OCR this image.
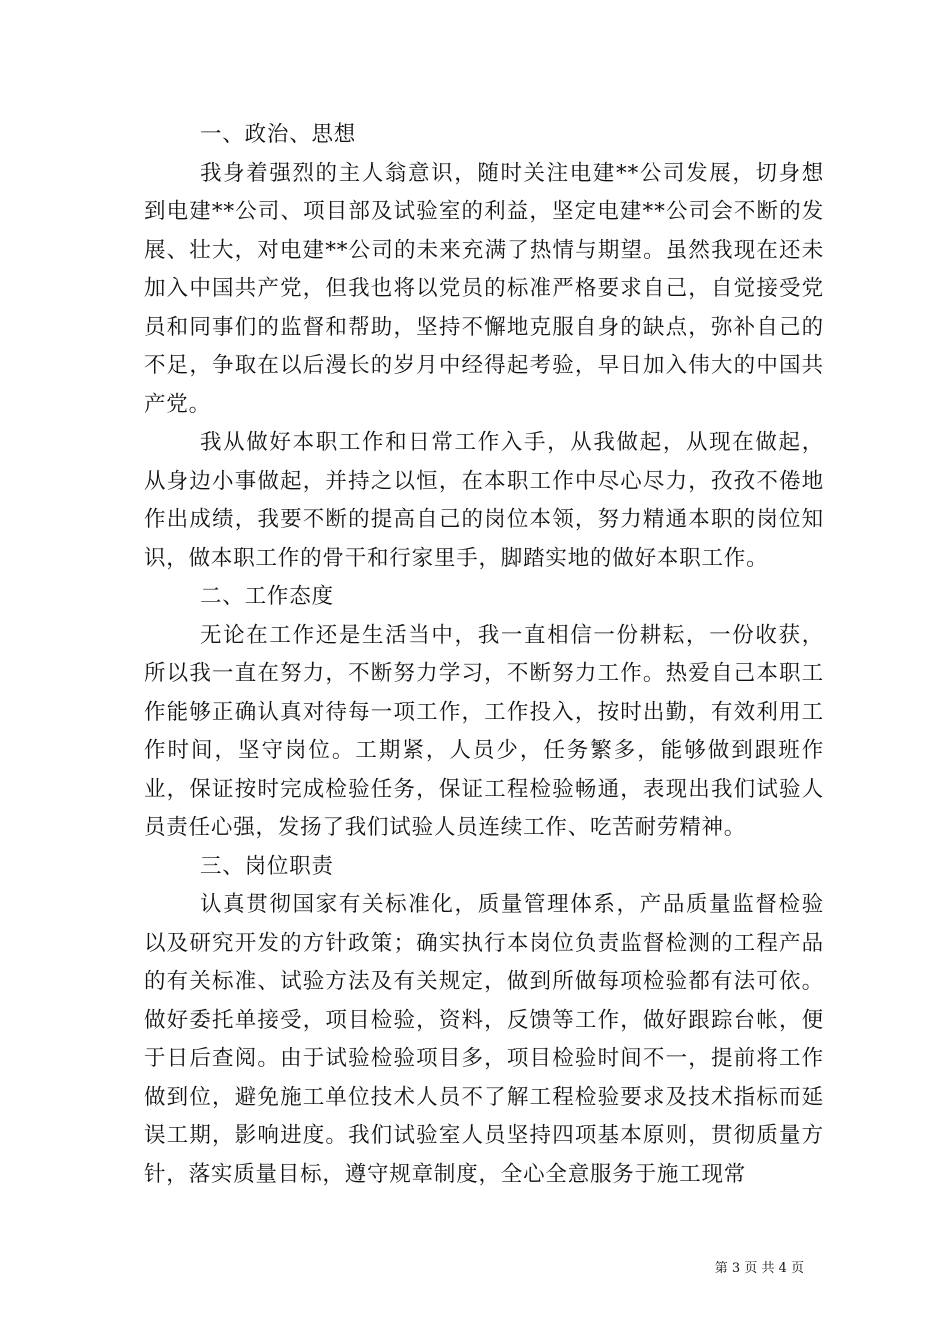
一、政治、思想

我身着强烈的主人翁意识，随时关注电建**公司发展，切身想到电建**公司、项目部及试验室的利益，坚定电建**公司会不断的发展、壮大，对电建**公司的未来充满了热情与期望。虽然我现在还未加入中国共产党，但我也将以党员的标准严格要求自己，自觉接受党员和同事们的监督和帮助，坚持不懈地克服自身的缺点，弥补自己的不足，争取在以后漫长的岁月中经得起考验，早日加入伟大的中国共产党。

我从做好本职工作和日常工作入手，从我做起，从现在做起，从身边小事做起，并持之以恒，在本职工作中尽心尽力，孜孜不倦地作出成绩，我要不断的提高自己的岗位本领，努力精通本职的岗位知识，做本职工作的骨干和行家里手，脚踏实地的做好本职工作。

二、工作态度

无论在工作还是生活当中，我一直相信一份耕耘，一份收获，所以我一直在努力，不断努力学习，不断努力工作。热爱自己本职工作能够正确认真对待每一项工作，工作投入，按时出勤，有效利用工作时间，坚守岗位。工期紧，人员少，任务繁多，能够做到跟班作业，保证按时完成检验任务，保证工程检验畅通，表现出我们试验人员责任心强，发扬了我们试验人员连续工作、吃苦耐劳精神。

三、岗位职责

认真贯彻国家有关标准化，质量管理体系，产品质量监督检验以及研究开发的方针政策；确实执行本岗位负责监督检测的工程产品的有关标准、试验方法及有关规定，做到所做每项检验都有法可依。做好委托单接受，项目检验，资料，反馈等工作，做好跟踪台帐，便于日后查阅。由于试验检验项目多，项目检验时间不一，提前将工作做到位，避免施工单位技术人员不了解工程检验要求及技术指标而延误工期，影响进度。我们试验室人员坚持四项基本原则，贯彻质量方针，落实质量目标，遵守规章制度，全心全意服务于施工现常

第 3 页 共 4 页
